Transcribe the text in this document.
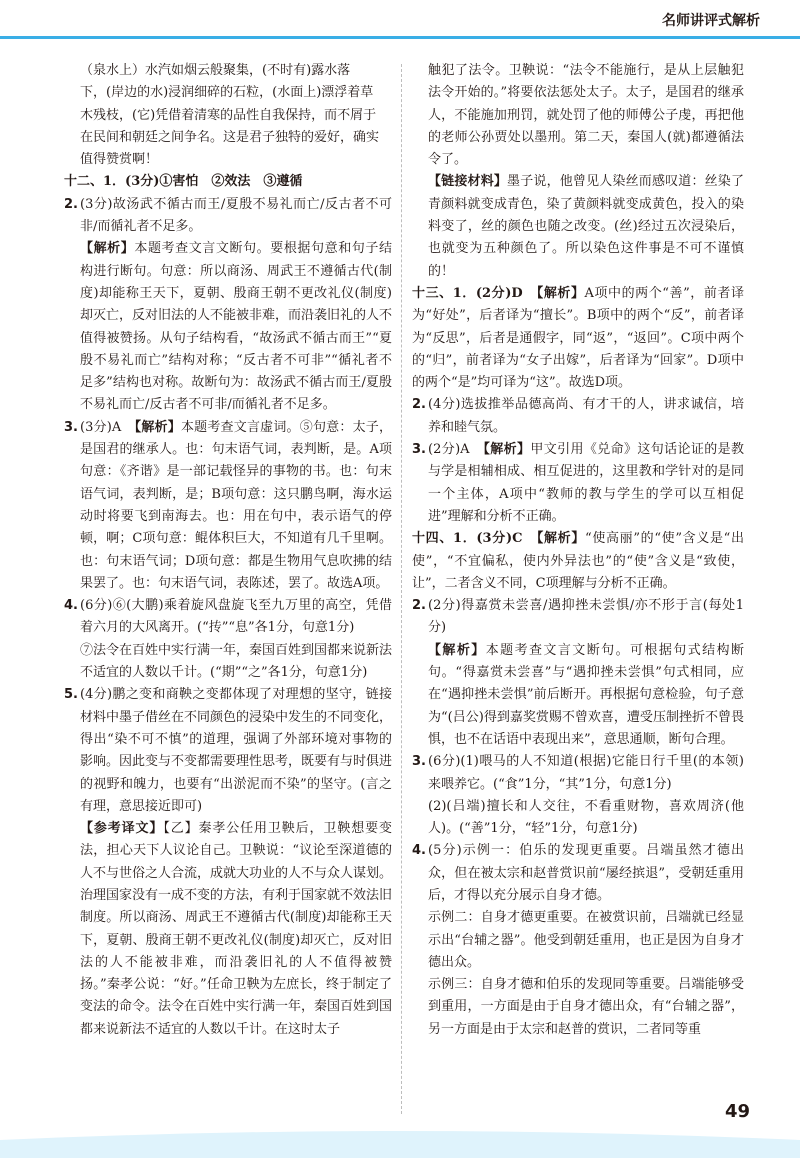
名师讲评式解析

（泉水上）水汽如烟云般聚集，(不时有)露水落

下，(岸边的水)浸润细碎的石粒，(水面上)漂浮着草

木残枝，(它)凭借着清寒的品性自我保持，而不屑于

在民间和朝廷之间争名。这是君子独特的爱好，确实

值得赞赏啊！

十二、1．(3分)①害怕　②效法　③遵循

2. (3分)故汤武不循古而王/夏殷不易礼而亡/反古者不可非/而循礼者不足多。

【解析】本题考查文言文断句。要根据句意和句子结构进行断句。句意：所以商汤、周武王不遵循古代(制度)却能称王天下，夏朝、殷商王朝不更改礼仪(制度)却灭亡，反对旧法的人不能被非难，而沿袭旧礼的人不值得被赞扬。从句子结构看，“故汤武不循古而王”“夏殷不易礼而亡”结构对称；“反古者不可非”“循礼者不足多”结构也对称。故断句为：故汤武不循古而王/夏殷不易礼而亡/反古者不可非/而循礼者不足多。

3. (3分)A　【解析】本题考查文言虚词。⑤句意：太子，是国君的继承人。也：句末语气词，表判断，是。A项句意：《齐谐》是一部记载怪异的事物的书。也：句末语气词，表判断，是；B项句意：这只鹏鸟啊，海水运动时将要飞到南海去。也：用在句中，表示语气的停顿，啊；C项句意：鲲体积巨大，不知道有几千里啊。也：句末语气词；D项句意：都是生物用气息吹拂的结果罢了。也：句末语气词，表陈述，罢了。故选A项。

4. (6分)⑥(大鹏)乘着旋风盘旋飞至九万里的高空，凭借着六月的大风离开。(“抟”“息”各1分，句意1分)

⑦法令在百姓中实行满一年，秦国百姓到国都来说新法不适宜的人数以千计。(“期”“之”各1分，句意1分)

5. (4分)鹏之变和商鞅之变都体现了对理想的坚守，链接材料中墨子借丝在不同颜色的浸染中发生的不同变化，得出“染不可不慎”的道理，强调了外部环境对事物的影响。因此变与不变都需要理性思考，既要有与时俱进的视野和魄力，也要有“出淤泥而不染”的坚守。(言之有理，意思接近即可)

【参考译文】【乙】秦孝公任用卫鞅后，卫鞅想要变法，担心天下人议论自己。卫鞅说：“议论至深道德的人不与世俗之人合流，成就大功业的人不与众人谋划。治理国家没有一成不变的方法，有利于国家就不效法旧制度。所以商汤、周武王不遵循古代(制度)却能称王天下，夏朝、殷商王朝不更改礼仪(制度)却灭亡，反对旧法的人不能被非难，而沿袭旧礼的人不值得被赞扬。”秦孝公说：“好。”任命卫鞅为左庶长，终于制定了变法的命令。法令在百姓中实行满一年，秦国百姓到国都来说新法不适宜的人数以千计。在这时太子

触犯了法令。卫鞅说：“法令不能施行，是从上层触犯法令开始的。”将要依法惩处太子。太子，是国君的继承人，不能施加刑罚，就处罚了他的师傅公子虔，再把他的老师公孙贾处以墨刑。第二天，秦国人(就)都遵循法令了。

【链接材料】墨子说，他曾见人染丝而感叹道：丝染了青颜料就变成青色，染了黄颜料就变成黄色，投入的染料变了，丝的颜色也随之改变。(丝)经过五次浸染后，也就变为五种颜色了。所以染色这件事是不可不谨慎的！

十三、1．(2分)D　【解析】A项中的两个“善”，前者译为“好处”，后者译为“擅长”。B项中的两个“反”，前者译为“反思”，后者是通假字，同“返”，“返回”。C项中两个的“归”，前者译为“女子出嫁”，后者译为“回家”。D项中的两个“是”均可译为“这”。故选D项。

2. (4分)选拔推举品德高尚、有才干的人，讲求诚信，培养和睦气氛。

3. (2分)A　【解析】甲文引用《兑命》这句话论证的是教与学是相辅相成、相互促进的，这里教和学针对的是同一个主体，A项中“教师的教与学生的学可以互相促进”理解和分析不正确。

十四、1．(3分)C　【解析】“使高丽”的“使”含义是“出使”，“不宜偏私，使内外异法也”的“使”含义是“致使，让”，二者含义不同，C项理解与分析不正确。

2. (2分)得嘉赏未尝喜/遇抑挫未尝惧/亦不形于言(每处1分)

【解析】本题考查文言文断句。可根据句式结构断句。“得嘉赏未尝喜”与“遇抑挫未尝惧”句式相同，应在“遇抑挫未尝惧”前后断开。再根据句意检验，句子意为“(吕公)得到嘉奖赏赐不曾欢喜，遭受压制挫折不曾畏惧，也不在话语中表现出来”，意思通顺，断句合理。

3. (6分)(1)喂马的人不知道(根据)它能日行千里(的本领)来喂养它。(“食”1分，“其”1分，句意1分)

(2)(吕端)擅长和人交往，不看重财物，喜欢周济(他人)。(“善”1分，“轻”1分，句意1分)

4. (5分)示例一：伯乐的发现更重要。吕端虽然才德出众，但在被太宗和赵普赏识前“屡经摈退”，受朝廷重用后，才得以充分展示自身才德。

示例二：自身才德更重要。在被赏识前，吕端就已经显示出“台辅之器”。他受到朝廷重用，也正是因为自身才德出众。

示例三：自身才德和伯乐的发现同等重要。吕端能够受到重用，一方面是由于自身才德出众，有“台辅之器”，另一方面是由于太宗和赵普的赏识，二者同等重

49
